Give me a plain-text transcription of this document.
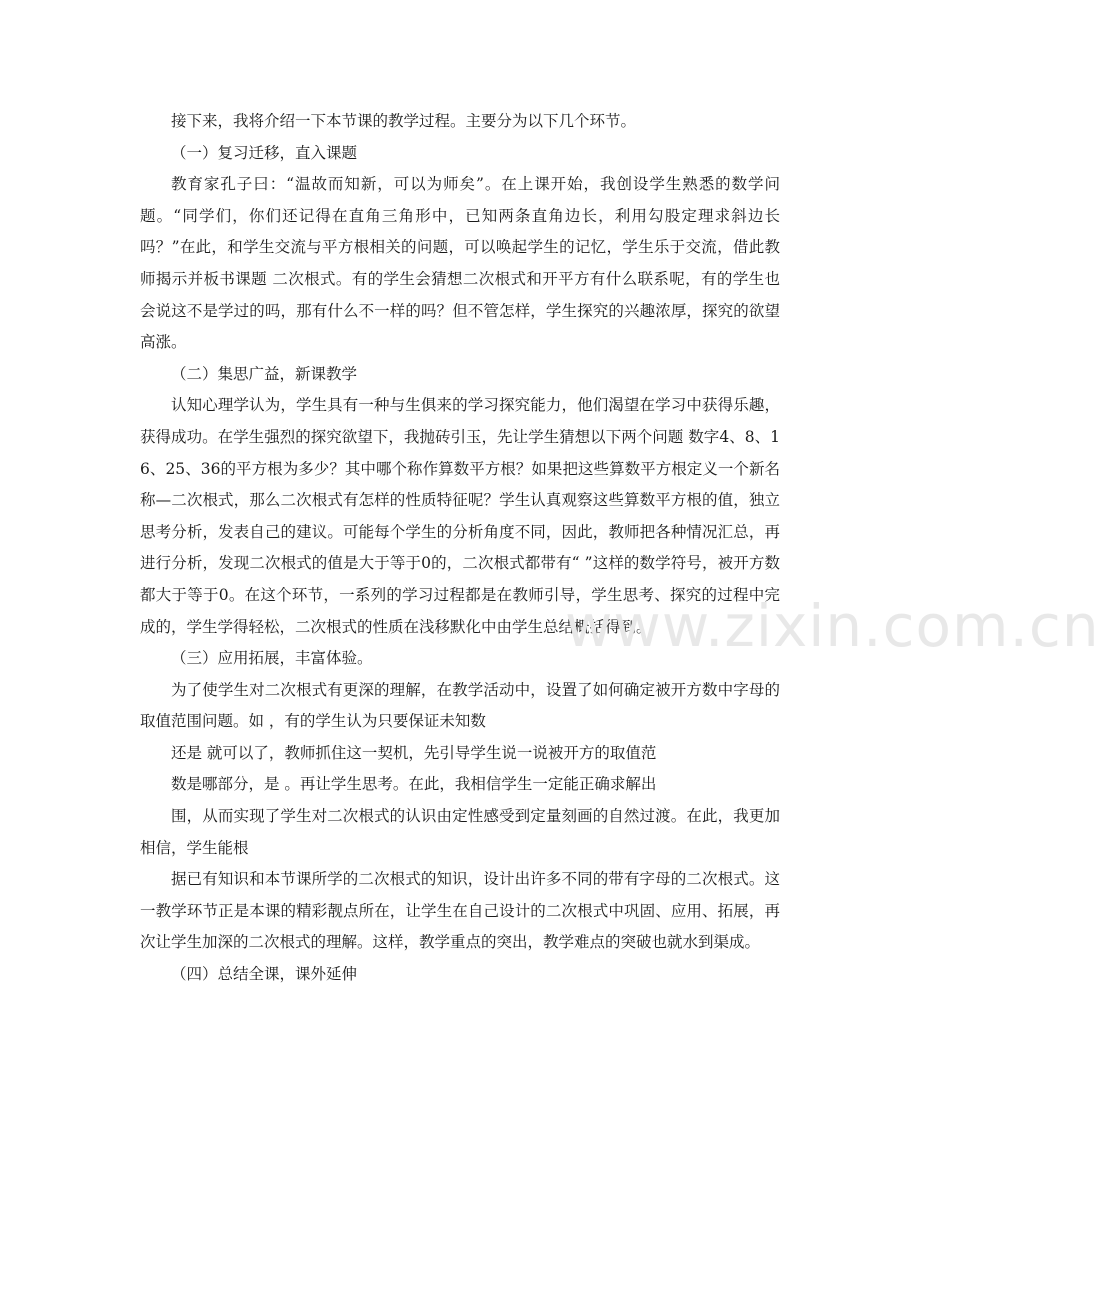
接下来，我将介绍一下本节课的教学过程。主要分为以下几个环节。

（一）复习迁移，直入课题

教育家孔子曰：“温故而知新，可以为师矣”。在上课开始，我创设学生熟悉的数学问题。“同学们，你们还记得在直角三角形中，已知两条直角边长，利用勾股定理求斜边长吗？”在此，和学生交流与平方根相关的问题，可以唤起学生的记忆，学生乐于交流，借此教师揭示并板书课题 二次根式。有的学生会猜想二次根式和开平方有什么联系呢，有的学生也会说这不是学过的吗，那有什么不一样的吗？但不管怎样，学生探究的兴趣浓厚，探究的欲望高涨。

（二）集思广益，新课教学

认知心理学认为，学生具有一种与生俱来的学习探究能力，他们渴望在学习中获得乐趣，获得成功。在学生强烈的探究欲望下，我抛砖引玉，先让学生猜想以下两个问题 数字4、8、16、25、36的平方根为多少？其中哪个称作算数平方根？如果把这些算数平方根定义一个新名称—二次根式，那么二次根式有怎样的性质特征呢？学生认真观察这些算数平方根的值，独立思考分析，发表自己的建议。可能每个学生的分析角度不同，因此，教师把各种情况汇总，再进行分析，发现二次根式的值是大于等于0的，二次根式都带有“ ”这样的数学符号，被开方数都大于等于0。在这个环节，一系列的学习过程都是在教师引导，学生思考、探究的过程中完成的，学生学得轻松，二次根式的性质在浅移默化中由学生总结概括得到。

（三）应用拓展，丰富体验。

为了使学生对二次根式有更深的理解，在教学活动中，设置了如何确定被开方数中字母的取值范围问题。如 ，有的学生认为只要保证未知数

还是 就可以了，教师抓住这一契机，先引导学生说一说被开方的取值范

数是哪部分，是 。再让学生思考。在此，我相信学生一定能正确求解出

围，从而实现了学生对二次根式的认识由定性感受到定量刻画的自然过渡。在此，我更加相信，学生能根

据已有知识和本节课所学的二次根式的知识，设计出许多不同的带有字母的二次根式。这一教学环节正是本课的精彩靓点所在，让学生在自己设计的二次根式中巩固、应用、拓展，再次让学生加深的二次根式的理解。这样，教学重点的突出，教学难点的突破也就水到渠成。

（四）总结全课，课外延伸

www.zixin.com.cn
